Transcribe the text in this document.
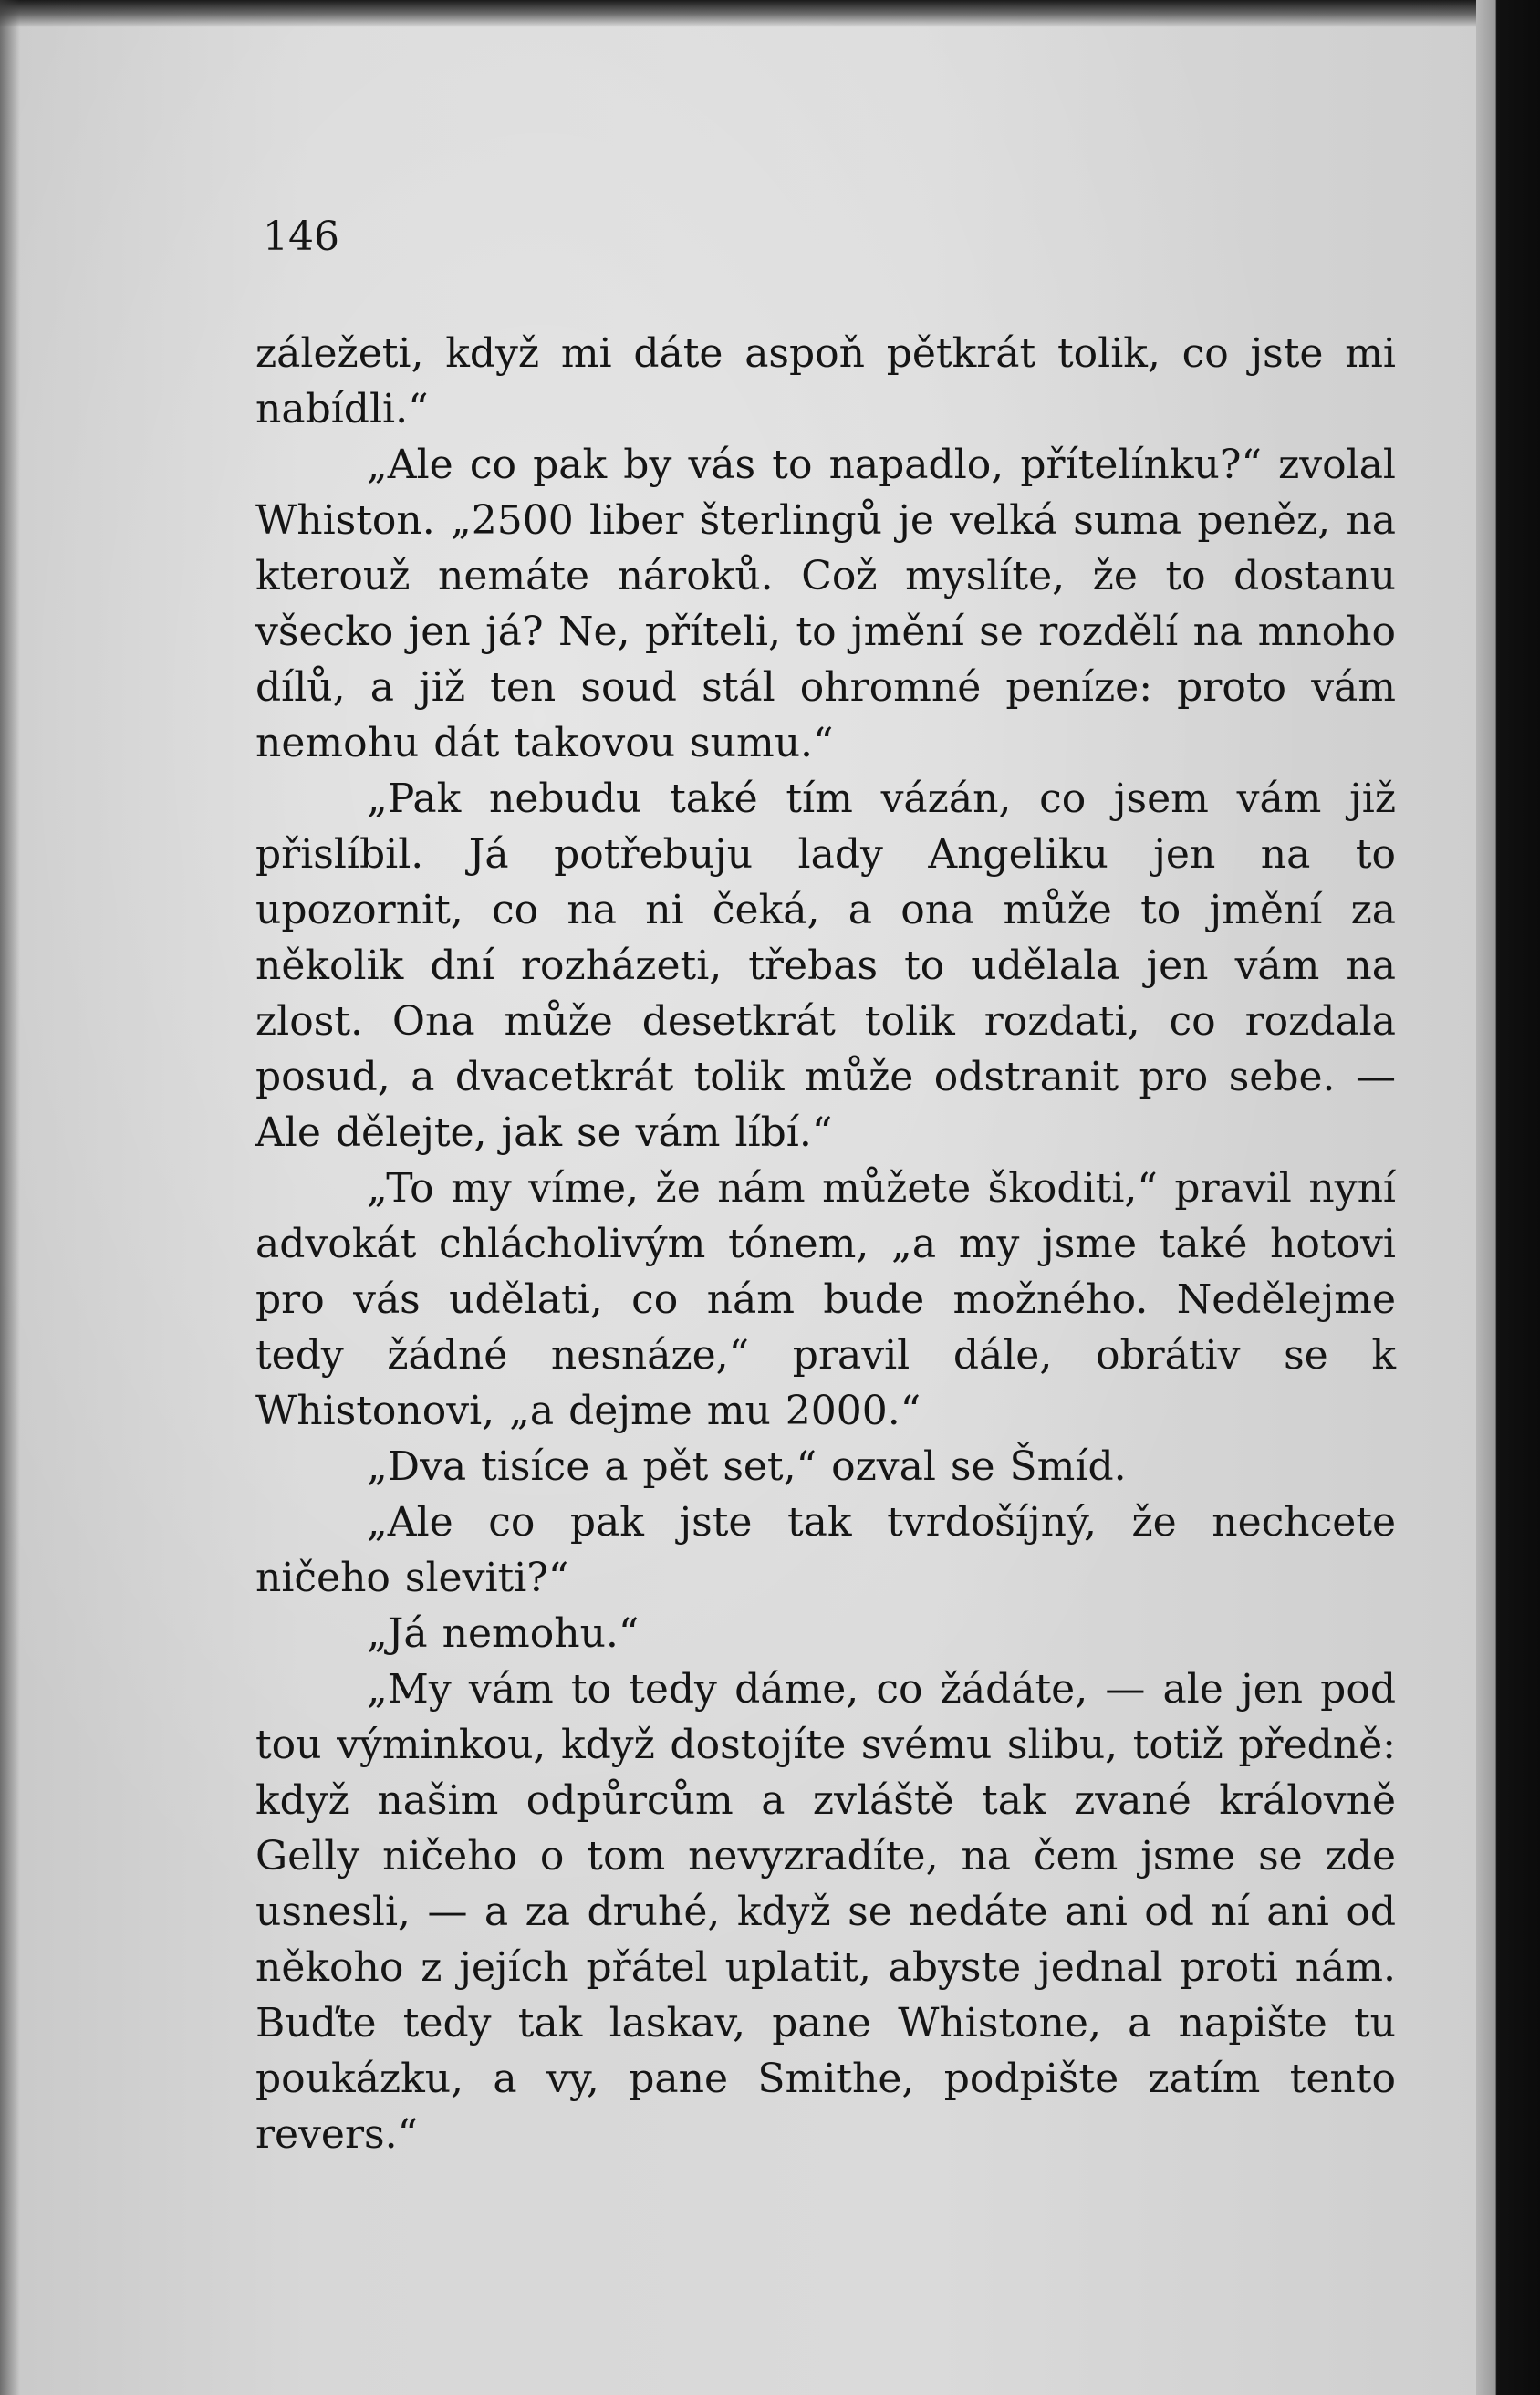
146

záležeti, když mi dáte aspoň pětkrát tolik, co jste mi nabídli.“

„Ale co pak by vás to napadlo, přítelínku?“ zvolal Whiston. „2500 liber šterlingů je velká suma peněz, na kterouž nemáte nároků. Což myslíte, že to dostanu všecko jen já? Ne, příteli, to jmění se rozdělí na mnoho dílů, a již ten soud stál ohromné peníze: proto vám nemohu dát takovou sumu.“

„Pak nebudu také tím vázán, co jsem vám již přislíbil. Já potřebuju lady Angeliku jen na to upozornit, co na ni čeká, a ona může to jmění za několik dní rozházeti, třebas to udělala jen vám na zlost. Ona může desetkrát tolik rozdati, co rozdala posud, a dvacetkrát tolik může odstranit pro sebe. — Ale dělejte, jak se vám líbí.“

„To my víme, že nám můžete škoditi,“ pravil nyní advokát chlácholivým tónem, „a my jsme také hotovi pro vás udělati, co nám bude možného. Nedělejme tedy žádné nesnáze,“ pravil dále, obrátiv se k Whistonovi, „a dejme mu 2000.“

„Dva tisíce a pět set,“ ozval se Šmíd.

„Ale co pak jste tak tvrdošíjný, že nechcete ničeho sleviti?“

„Já nemohu.“

„My vám to tedy dáme, co žádáte, — ale jen pod tou výminkou, když dostojíte svému slibu, totiž předně: když našim odpůrcům a zvláště tak zvané královně Gelly ničeho o tom nevyzradíte, na čem jsme se zde usnesli, — a za druhé, když se nedáte ani od ní ani od někoho z jejích přátel uplatit, abyste jednal proti nám. Buďte tedy tak laskav, pane Whistone, a napište tu poukázku, a vy, pane Smithe, podpište zatím tento revers.“
